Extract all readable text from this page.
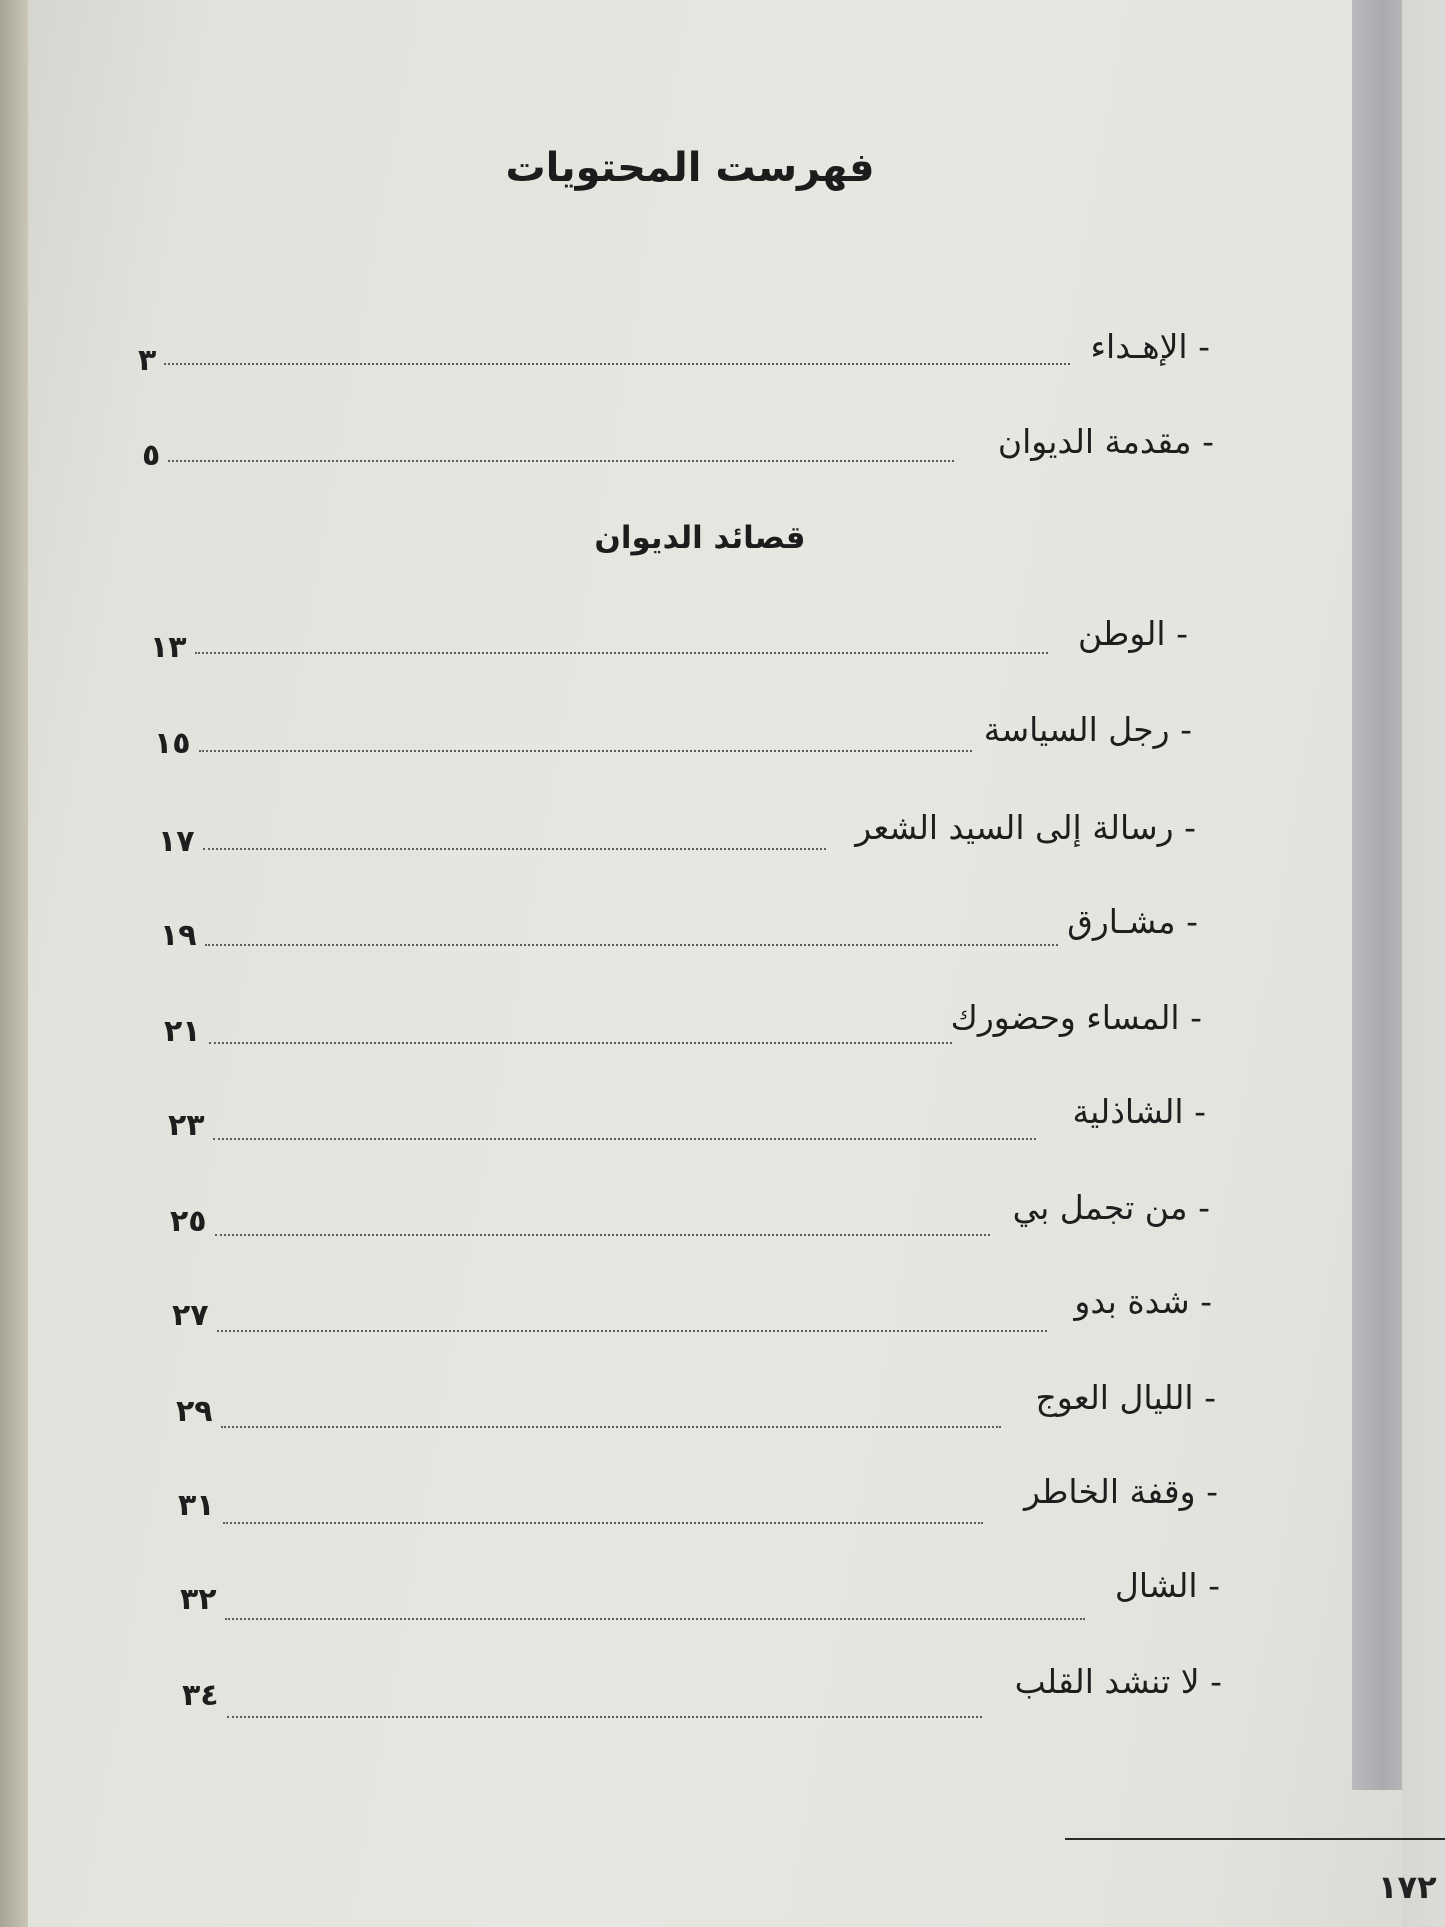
فهرست المحتويات
- الإهـداء
٣
- مقدمة الديوان
٥
قصائد الديوان
- الوطن
١٣
- رجل السياسة
١٥
- رسالة إلى السيد الشعر
١٧
- مشـارق
١٩
- المساء وحضورك
٢١
- الشاذلية
٢٣
- من تجمل بي
٢٥
- شدة بدو
٢٧
- الليال العوج
٢٩
- وقفة الخاطر
٣١
- الشال
٣٢
- لا تنشد القلب
٣٤
١٧٢
